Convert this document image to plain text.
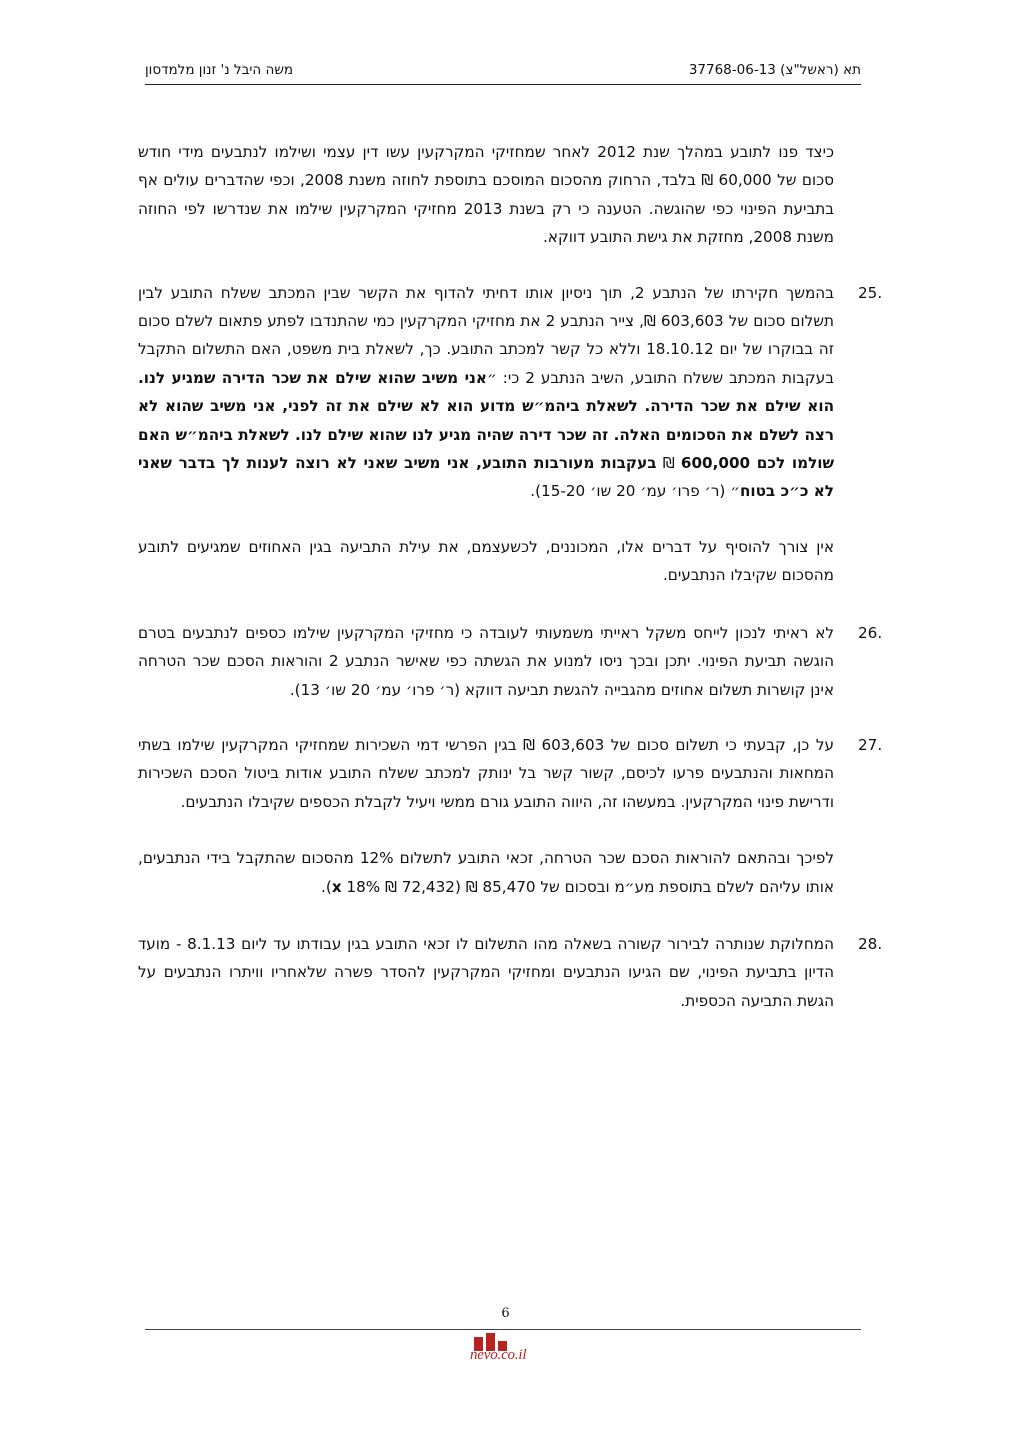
תא (ראשל"צ) 37768-06-13
משה היבל נ' זנון מלמדסון

כיצד פנו לתובע במהלך שנת 2012 לאחר שמחזיקי המקרקעין עשו דין עצמי ושילמו לנתבעים מידי חודש סכום של 60,000 ₪ בלבד, הרחוק מהסכום המוסכם בתוספת לחוזה משנת 2008, וכפי שהדברים עולים אף בתביעת הפינוי כפי שהוגשה. הטענה כי רק בשנת 2013 מחזיקי המקרקעין שילמו את שנדרשו לפי החוזה משנת 2008, מחזקת את גישת התובע דווקא.

25.

בהמשך חקירתו של הנתבע 2, תוך ניסיון אותו דחיתי להדוף את הקשר שבין המכתב ששלח התובע לבין תשלום סכום של 603,603 ₪, צייר הנתבע 2 את מחזיקי המקרקעין כמי שהתנדבו לפתע פתאום לשלם סכום זה בבוקרו של יום 18.10.12 וללא כל קשר למכתב התובע. כך, לשאלת בית משפט, האם התשלום התקבל בעקבות המכתב ששלח התובע, השיב הנתבע 2 כי: ״אני משיב שהוא שילם את שכר הדירה שמגיע לנו. הוא שילם את שכר הדירה. לשאלת ביהמ״ש מדוע הוא לא שילם את זה לפני, אני משיב שהוא לא רצה לשלם את הסכומים האלה. זה שכר דירה שהיה מגיע לנו שהוא שילם לנו. לשאלת ביהמ״ש האם שולמו לכם 600,000 ₪ בעקבות מעורבות התובע, אני משיב שאני לא רוצה לענות לך בדבר שאני לא כ״כ בטוח״ (ר׳ פרו׳ עמ׳ 20 שו׳ 15-20).

אין צורך להוסיף על דברים אלו, המכוננים, לכשעצמם, את עילת התביעה בגין האחוזים שמגיעים לתובע מהסכום שקיבלו הנתבעים.

26.

לא ראיתי לנכון לייחס משקל ראייתי משמעותי לעובדה כי מחזיקי המקרקעין שילמו כספים לנתבעים בטרם הוגשה תביעת הפינוי. יתכן ובכך ניסו למנוע את הגשתה כפי שאישר הנתבע 2 והוראות הסכם שכר הטרחה אינן קושרות תשלום אחוזים מהגבייה להגשת תביעה דווקא (ר׳ פרו׳ עמ׳ 20 שו׳ 13).

27.

על כן, קבעתי כי תשלום סכום של 603,603 ₪ בגין הפרשי דמי השכירות שמחזיקי המקרקעין שילמו בשתי המחאות והנתבעים פרעו לכיסם, קשור קשר בל ינותק למכתב ששלח התובע אודות ביטול הסכם השכירות ודרישת פינוי המקרקעין. במעשהו זה, היווה התובע גורם ממשי ויעיל לקבלת הכספים שקיבלו הנתבעים.

לפיכך ובהתאם להוראות הסכם שכר הטרחה, זכאי התובע לתשלום 12% מהסכום שהתקבל בידי הנתבעים, אותו עליהם לשלם בתוספת מע״מ ובסכום של 85,470 ₪ (72,432 ₪ x 18%).

28.

המחלוקת שנותרה לבירור קשורה בשאלה מהו התשלום לו זכאי התובע בגין עבודתו עד ליום 8.1.13 - מועד הדיון בתביעת הפינוי, שם הגיעו הנתבעים ומחזיקי המקרקעין להסדר פשרה שלאחריו וויתרו הנתבעים על הגשת התביעה הכספית.

6
nevo.co.il
